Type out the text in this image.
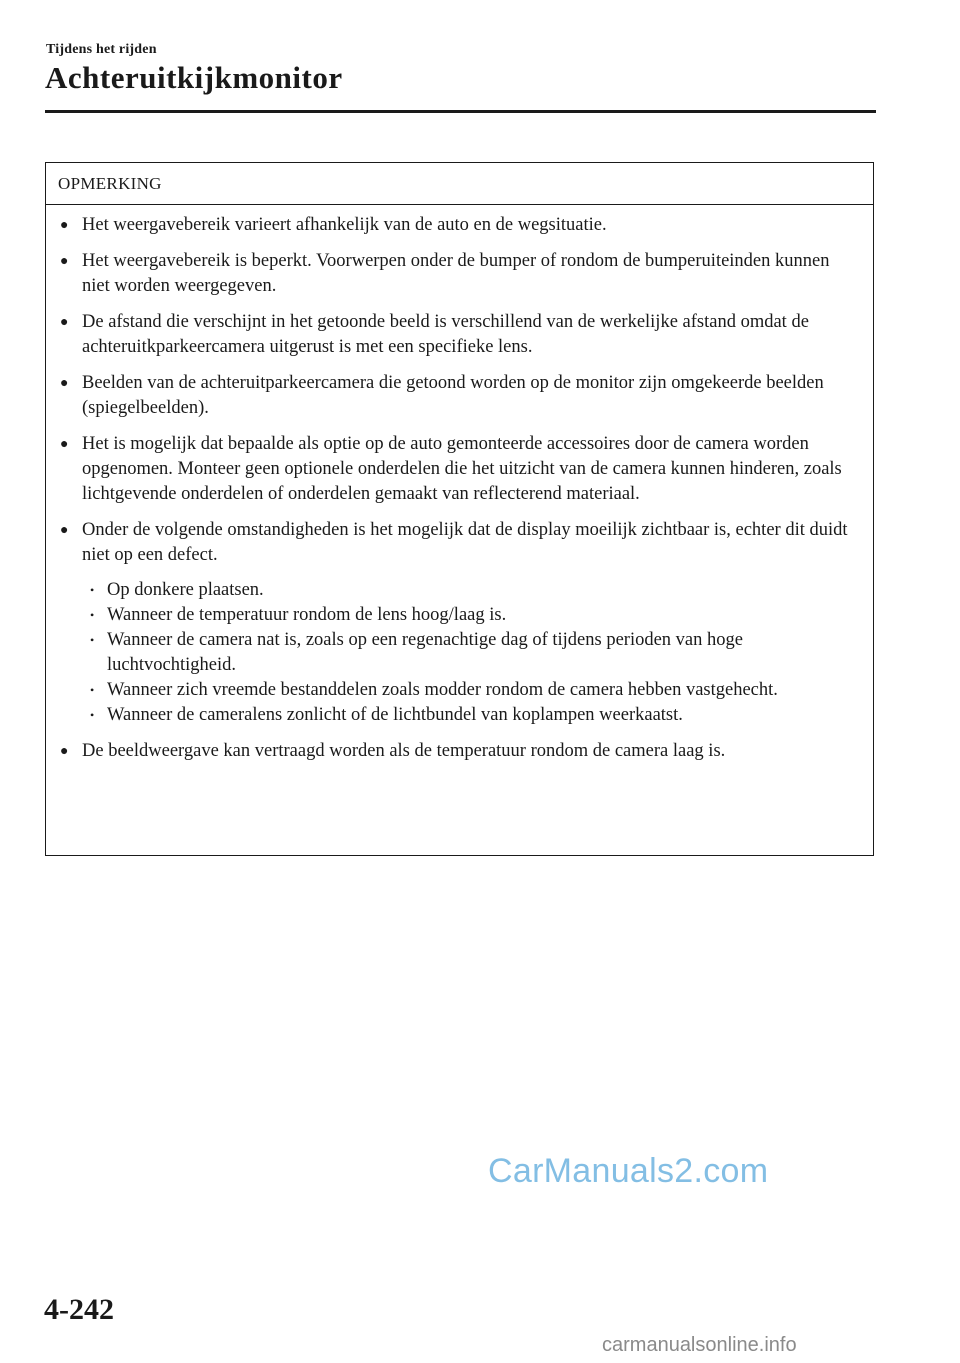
Tijdens het rijden
Achteruitkijkmonitor
OPMERKING
● Het weergavebereik varieert afhankelijk van de auto en de wegsituatie.
● Het weergavebereik is beperkt. Voorwerpen onder de bumper of rondom de bumperuiteinden kunnen niet worden weergegeven.
● De afstand die verschijnt in het getoonde beeld is verschillend van de werkelijke afstand omdat de achteruitkparkeercamera uitgerust is met een specifieke lens.
● Beelden van de achteruitparkeercamera die getoond worden op de monitor zijn omgekeerde beelden (spiegelbeelden).
● Het is mogelijk dat bepaalde als optie op de auto gemonteerde accessoires door de camera worden opgenomen. Monteer geen optionele onderdelen die het uitzicht van de camera kunnen hinderen, zoals lichtgevende onderdelen of onderdelen gemaakt van reflecterend materiaal.
● Onder de volgende omstandigheden is het mogelijk dat de display moeilijk zichtbaar is, echter dit duidt niet op een defect.
• Op donkere plaatsen.
• Wanneer de temperatuur rondom de lens hoog/laag is.
• Wanneer de camera nat is, zoals op een regenachtige dag of tijdens perioden van hoge luchtvochtigheid.
• Wanneer zich vreemde bestanddelen zoals modder rondom de camera hebben vastgehecht.
• Wanneer de cameralens zonlicht of de lichtbundel van koplampen weerkaatst.
● De beeldweergave kan vertraagd worden als de temperatuur rondom de camera laag is.
CarManuals2.com
4-242
carmanualsonline.info
